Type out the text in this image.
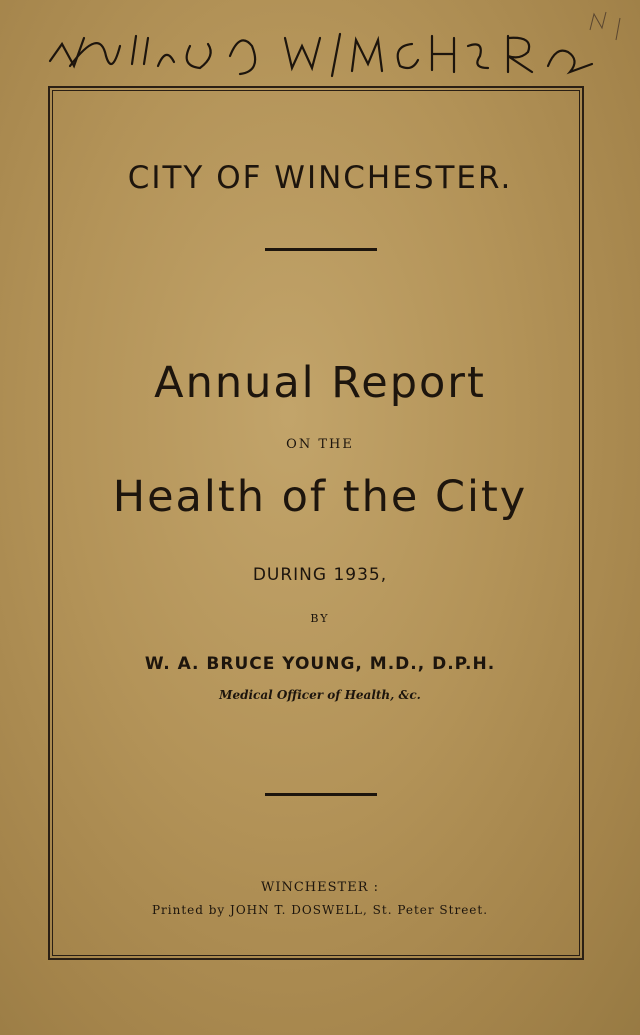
CITY OF WINCHESTER.

Annual Report

ON THE

Health of the City

DURING 1935,

BY

W. A. BRUCE YOUNG, M.D., D.P.H.

Medical Officer of Health, &c.

WINCHESTER :

Printed by JOHN T. DOSWELL, St. Peter Street.
